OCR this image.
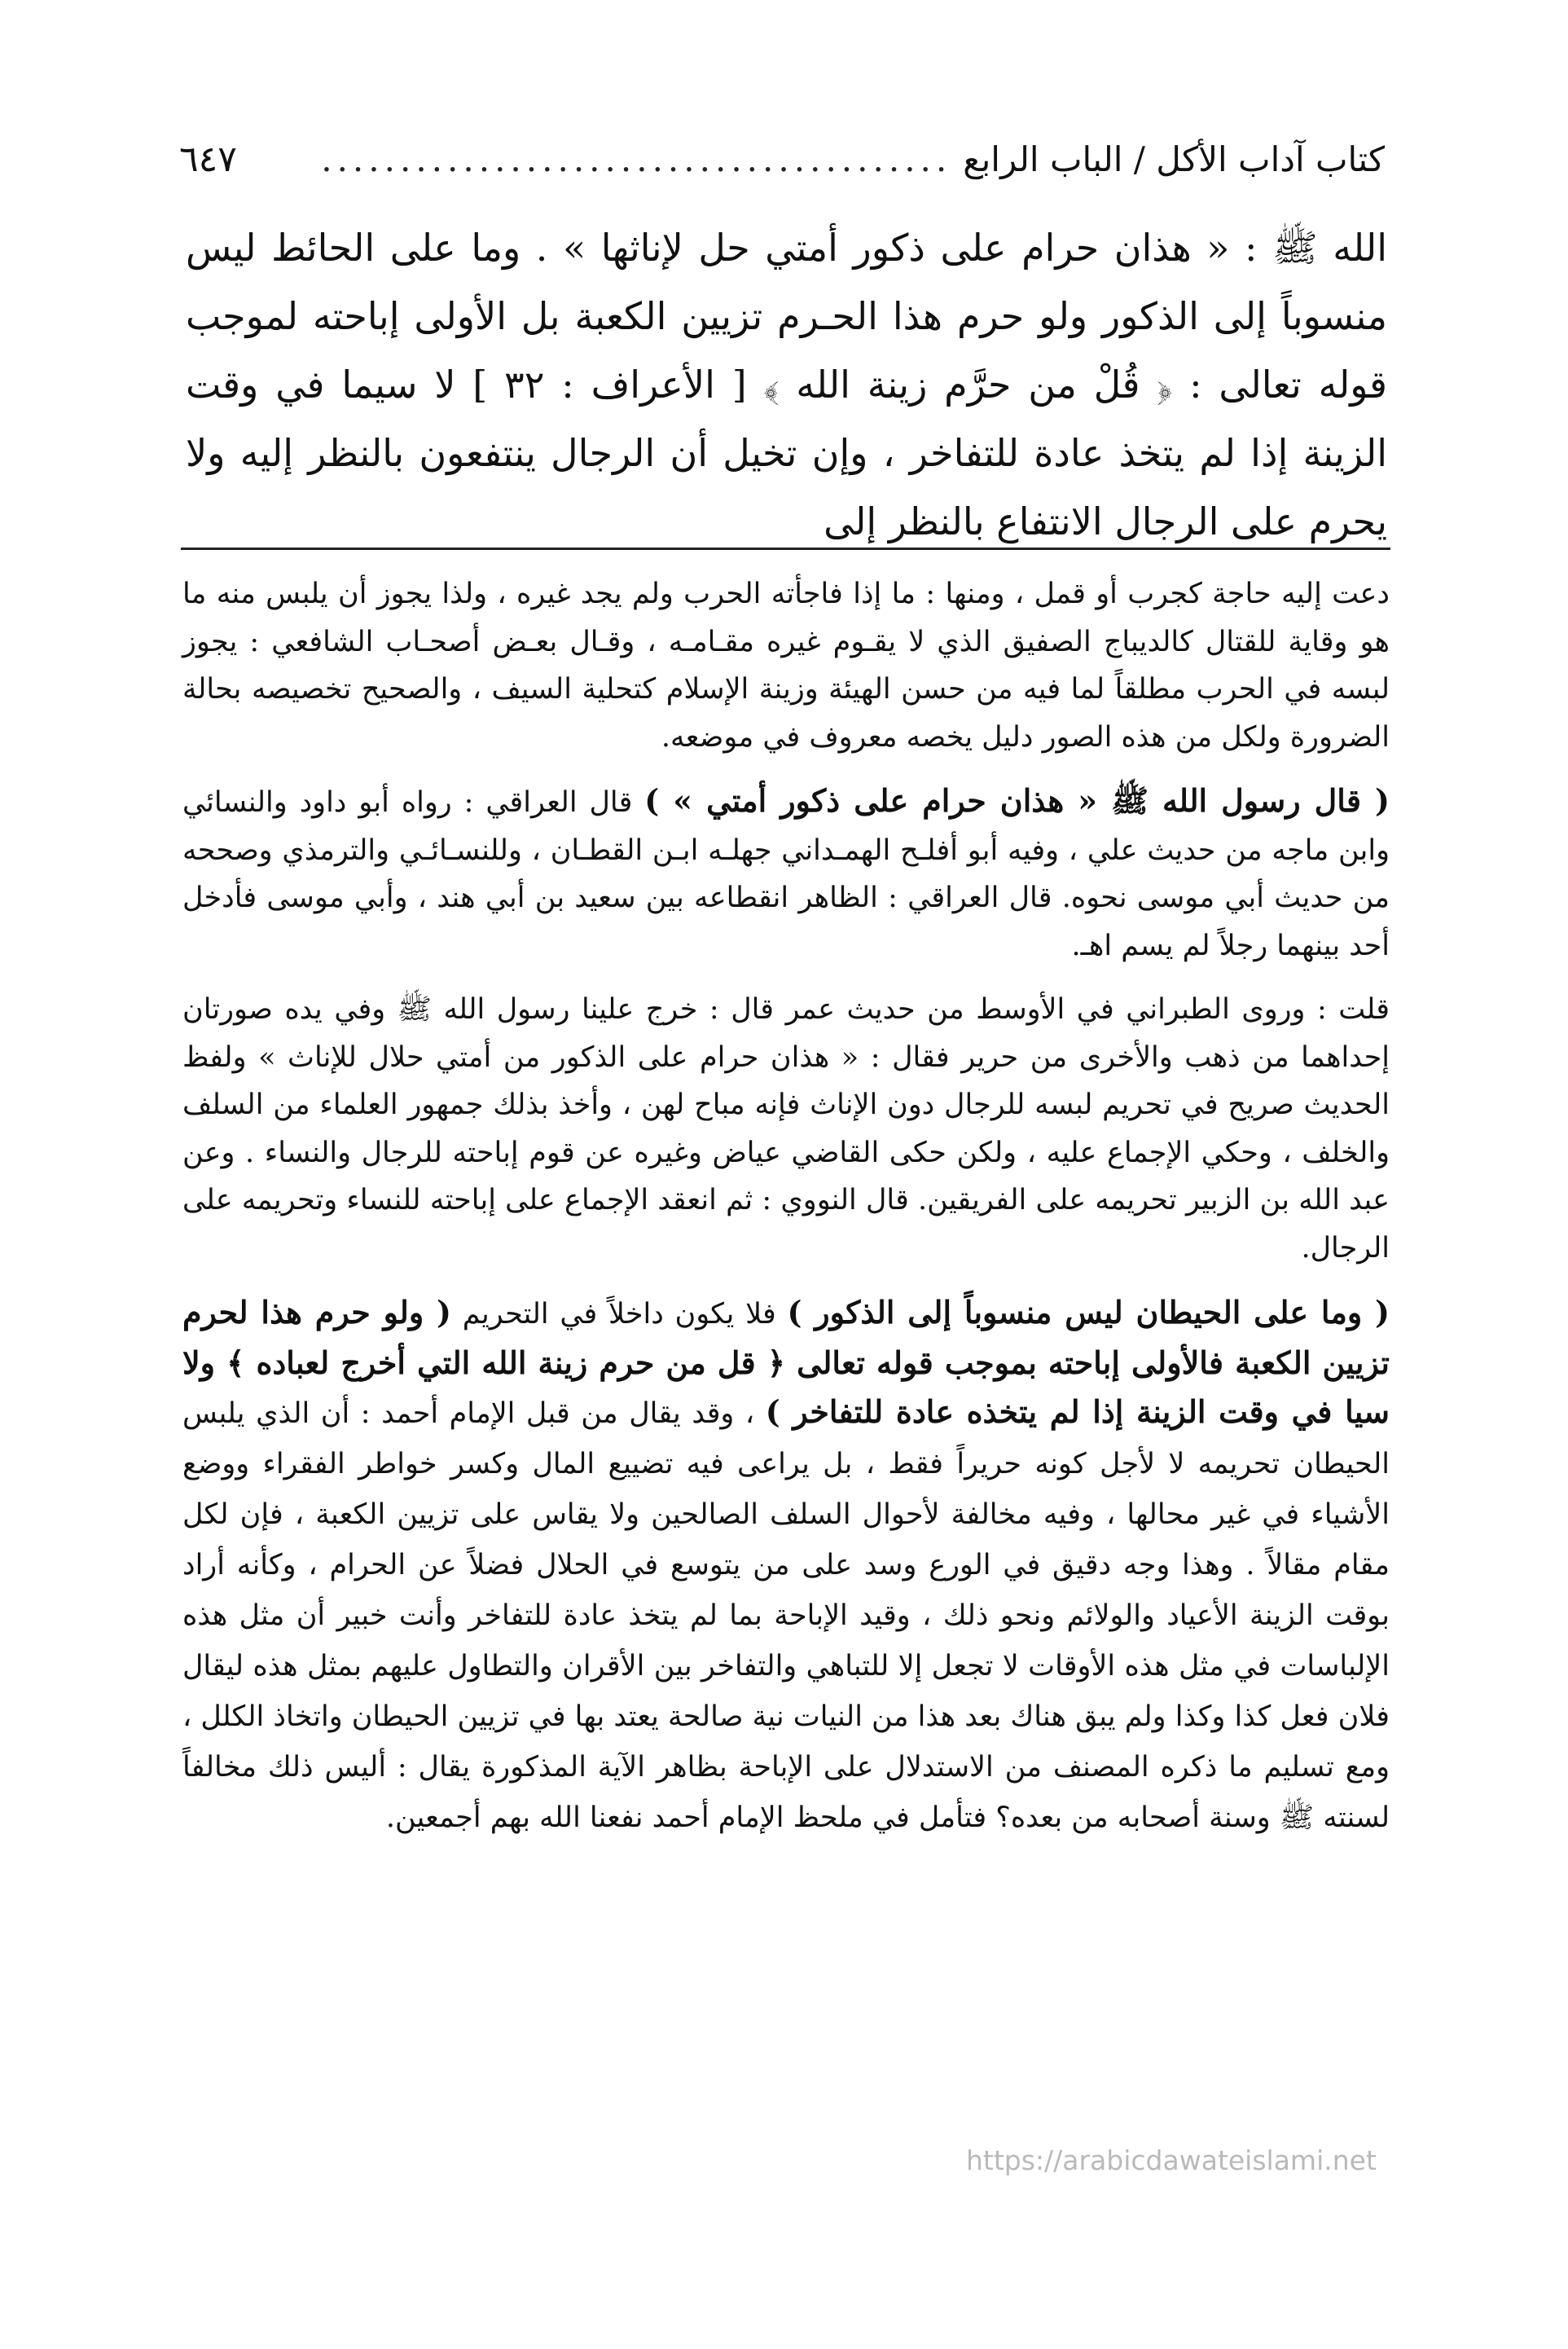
كتاب آداب الأكل / الباب الرابع
........................................
٦٤٧
الله ﷺ : « هذان حرام على ذكور أمتي حل لإناثها » . وما على الحائط ليس منسوباً إلى الذكور ولو حرم هذا الحـرم تزيين الكعبة بل الأولى إباحته لموجب قوله تعالى : ﴿ قُلْ من حرَّم زينة الله ﴾ [ الأعراف : ٣٢ ] لا سيما في وقت الزينة إذا لم يتخذ عادة للتفاخر ، وإن تخيل أن الرجال ينتفعون بالنظر إليه ولا يحرم على الرجال الانتفاع بالنظر إلى

دعت إليه حاجة كجرب أو قمل ، ومنها : ما إذا فاجأته الحرب ولم يجد غيره ، ولذا يجوز أن يلبس منه ما هو وقاية للقتال كالديباج الصفيق الذي لا يقـوم غيره مقـامـه ، وقـال بعـض أصحـاب الشافعي : يجوز لبسه في الحرب مطلقاً لما فيه من حسن الهيئة وزينة الإسلام كتحلية السيف ، والصحيح تخصيصه بحالة الضرورة ولكل من هذه الصور دليل يخصه معروف في موضعه.

( قال رسول الله ﷺ « هذان حرام على ذكور أمتي » ) قال العراقي : رواه أبو داود والنسائي وابن ماجه من حديث علي ، وفيه أبو أفلـح الهمـداني جهلـه ابـن القطـان ، وللنسـائـي والترمذي وصححه من حديث أبي موسى نحوه. قال العراقي : الظاهر انقطاعه بين سعيد بن أبي هند ، وأبي موسى فأدخل أحد بينهما رجلاً لم يسم اهـ.

قلت : وروى الطبراني في الأوسط من حديث عمر قال : خرج علينا رسول الله ﷺ وفي يده صورتان إحداهما من ذهب والأخرى من حرير فقال : « هذان حرام على الذكور من أمتي حلال للإناث » ولفظ الحديث صريح في تحريم لبسه للرجال دون الإناث فإنه مباح لهن ، وأخذ بذلك جمهور العلماء من السلف والخلف ، وحكي الإجماع عليه ، ولكن حكى القاضي عياض وغيره عن قوم إباحته للرجال والنساء . وعن عبد الله بن الزبير تحريمه على الفريقين. قال النووي : ثم انعقد الإجماع على إباحته للنساء وتحريمه على الرجال.

( وما على الحيطان ليس منسوباً إلى الذكور ) فلا يكون داخلاً في التحريم ( ولو حرم هذا لحرم تزيين الكعبة فالأولى إباحته بموجب قوله تعالى ﴿ قل من حرم زينة الله التي أخرج لعباده ﴾ ولا سيا في وقت الزينة إذا لم يتخذه عادة للتفاخر ) ، وقد يقال من قبل الإمام أحمد : أن الذي يلبس الحيطان تحريمه لا لأجل كونه حريراً فقط ، بل يراعى فيه تضييع المال وكسر خواطر الفقراء ووضع الأشياء في غير محالها ، وفيه مخالفة لأحوال السلف الصالحين ولا يقاس على تزيين الكعبة ، فإن لكل مقام مقالاً . وهذا وجه دقيق في الورع وسد على من يتوسع في الحلال فضلاً عن الحرام ، وكأنه أراد بوقت الزينة الأعياد والولائم ونحو ذلك ، وقيد الإباحة بما لم يتخذ عادة للتفاخر وأنت خبير أن مثل هذه الإلباسات في مثل هذه الأوقات لا تجعل إلا للتباهي والتفاخر بين الأقران والتطاول عليهم بمثل هذه ليقال فلان فعل كذا وكذا ولم يبق هناك بعد هذا من النيات نية صالحة يعتد بها في تزيين الحيطان واتخاذ الكلل ، ومع تسليم ما ذكره المصنف من الاستدلال على الإباحة بظاهر الآية المذكورة يقال : أليس ذلك مخالفاً لسنته ﷺ وسنة أصحابه من بعده؟ فتأمل في ملحظ الإمام أحمد نفعنا الله بهم أجمعين.

https://arabicdawateislami.net
